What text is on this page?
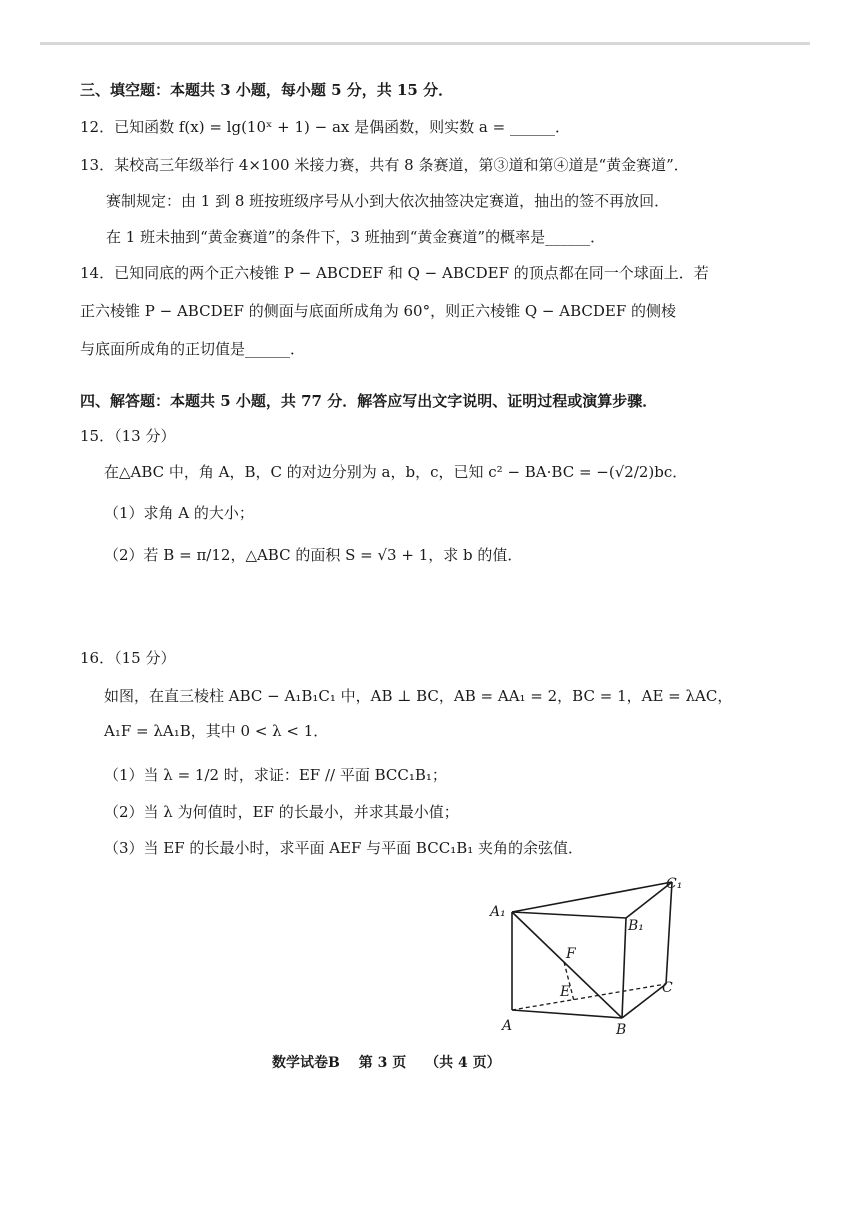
三、填空题：本题共 3 小题，每小题 5 分，共 15 分．
12．已知函数 f(x) = lg(10ˣ + 1) − ax 是偶函数，则实数 a = ______．
13．某校高三年级举行 4×100 米接力赛，共有 8 条赛道，第③道和第④道是“黄金赛道”．
赛制规定：由 1 到 8 班按班级序号从小到大依次抽签决定赛道，抽出的签不再放回．
在 1 班未抽到“黄金赛道”的条件下，3 班抽到“黄金赛道”的概率是______．
14．已知同底的两个正六棱锥 P − ABCDEF 和 Q − ABCDEF 的顶点都在同一个球面上．若
正六棱锥 P − ABCDEF 的侧面与底面所成角为 60°，则正六棱锥 Q − ABCDEF 的侧棱
与底面所成角的正切值是______．
四、解答题：本题共 5 小题，共 77 分．解答应写出文字说明、证明过程或演算步骤．
15．（13 分）
在△ABC 中，角 A，B，C 的对边分别为 a，b，c，已知 c² − BA·BC = −(√2/2)bc．
（1）求角 A 的大小；
（2）若 B = π/12，△ABC 的面积 S = √3 + 1，求 b 的值．
16．（15 分）
如图，在直三棱柱 ABC − A₁B₁C₁ 中，AB ⊥ BC，AB = AA₁ = 2，BC = 1，AE = λAC，
A₁F = λA₁B，其中 0 < λ < 1．
（1）当 λ = 1/2 时，求证：EF // 平面 BCC₁B₁；
（2）当 λ 为何值时，EF 的长最小，并求其最小值；
（3）当 EF 的长最小时，求平面 AEF 与平面 BCC₁B₁ 夹角的余弦值．
A₁
B₁
C₁
A	B
C
E
F
数学试卷B 第 3 页 （共 4 页）
